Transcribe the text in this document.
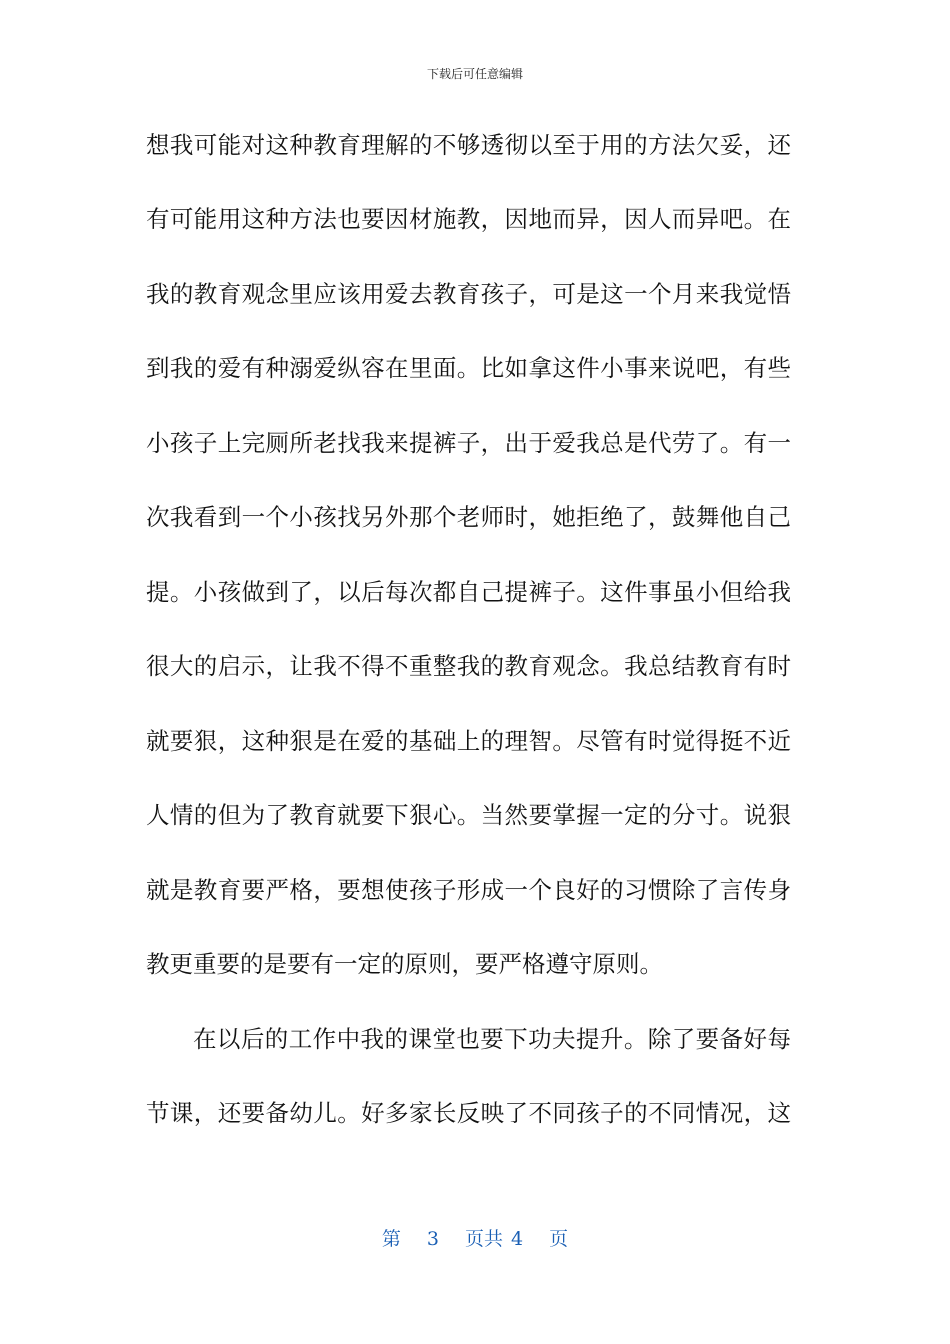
下载后可任意编辑
想我可能对这种教育理解的不够透彻以至于用的方法欠妥，还
有可能用这种方法也要因材施教，因地而异，因人而异吧。在
我的教育观念里应该用爱去教育孩子，可是这一个月来我觉悟
到我的爱有种溺爱纵容在里面。比如拿这件小事来说吧，有些
小孩子上完厕所老找我来提裤子，出于爱我总是代劳了。有一
次我看到一个小孩找另外那个老师时，她拒绝了，鼓舞他自己
提。小孩做到了，以后每次都自己提裤子。这件事虽小但给我
很大的启示，让我不得不重整我的教育观念。我总结教育有时
就要狠，这种狠是在爱的基础上的理智。尽管有时觉得挺不近
人情的但为了教育就要下狠心。当然要掌握一定的分寸。说狠
就是教育要严格，要想使孩子形成一个良好的习惯除了言传身
教更重要的是要有一定的原则，要严格遵守原则。
在以后的工作中我的课堂也要下功夫提升。除了要备好每
节课，还要备幼儿。好多家长反映了不同孩子的不同情况，这
第 3 页共 4 页
